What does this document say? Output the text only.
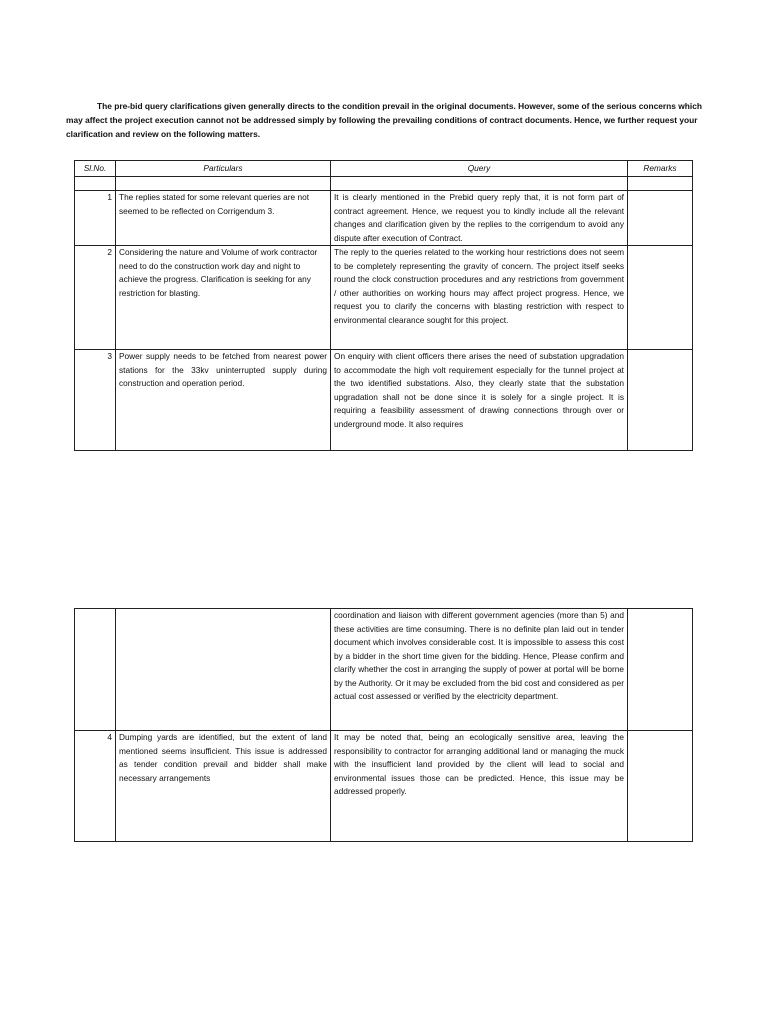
The pre-bid query clarifications given generally directs to the condition prevail in the original documents. However, some of the serious concerns which may affect the project execution cannot not be addressed simply by following the prevailing conditions of contract documents. Hence, we further request your clarification and review on the following matters.

Sl.No.	Particulars	Query	Remarks

1	The replies stated for some relevant queries are not seemed to be reflected on Corrigendum 3.	It is clearly mentioned in the Prebid query reply that, it is not form part of contract agreement. Hence, we request you to kindly include all the relevant changes and clarification given by the replies to the corrigendum to avoid any dispute after execution of Contract.	
2	Considering the nature and Volume of work contractor need to do the construction work day and night to achieve the progress. Clarification is seeking for any restriction for blasting.	The reply to the queries related to the working hour restrictions does not seem to be completely representing the gravity of concern. The project itself seeks round the clock construction procedures and any restrictions from government / other authorities on working hours may affect project progress. Hence, we request you to clarify the concerns with blasting restriction with respect to environmental clearance sought for this project.	
3	Power supply needs to be fetched from nearest power stations for the 33kv uninterrupted supply during construction and operation period.	On enquiry with client officers there arises the need of substation upgradation to accommodate the high volt requirement especially for the tunnel project at the two identified substations. Also, they clearly state that the substation upgradation shall not be done since it is solely for a single project. It is requiring a feasibility assessment of drawing connections through over or underground mode. It also requires	
		coordination and liaison with different government agencies (more than 5) and these activities are time consuming. There is no definite plan laid out in tender document which involves considerable cost. It is impossible to assess this cost by a bidder in the short time given for the bidding. Hence, Please confirm and clarify whether the cost in arranging the supply of power at portal will be borne by the Authority. Or it may be excluded from the bid cost and considered as per actual cost assessed or verified by the electricity department.	
4	Dumping yards are identified, but the extent of land mentioned seems insufficient. This issue is addressed as tender condition prevail and bidder shall make necessary arrangements	It may be noted that, being an ecologically sensitive area, leaving the responsibility to contractor for arranging additional land or managing the muck with the insufficient land provided by the client will lead to social and environmental issues those can be predicted. Hence, this issue may be addressed properly.	
